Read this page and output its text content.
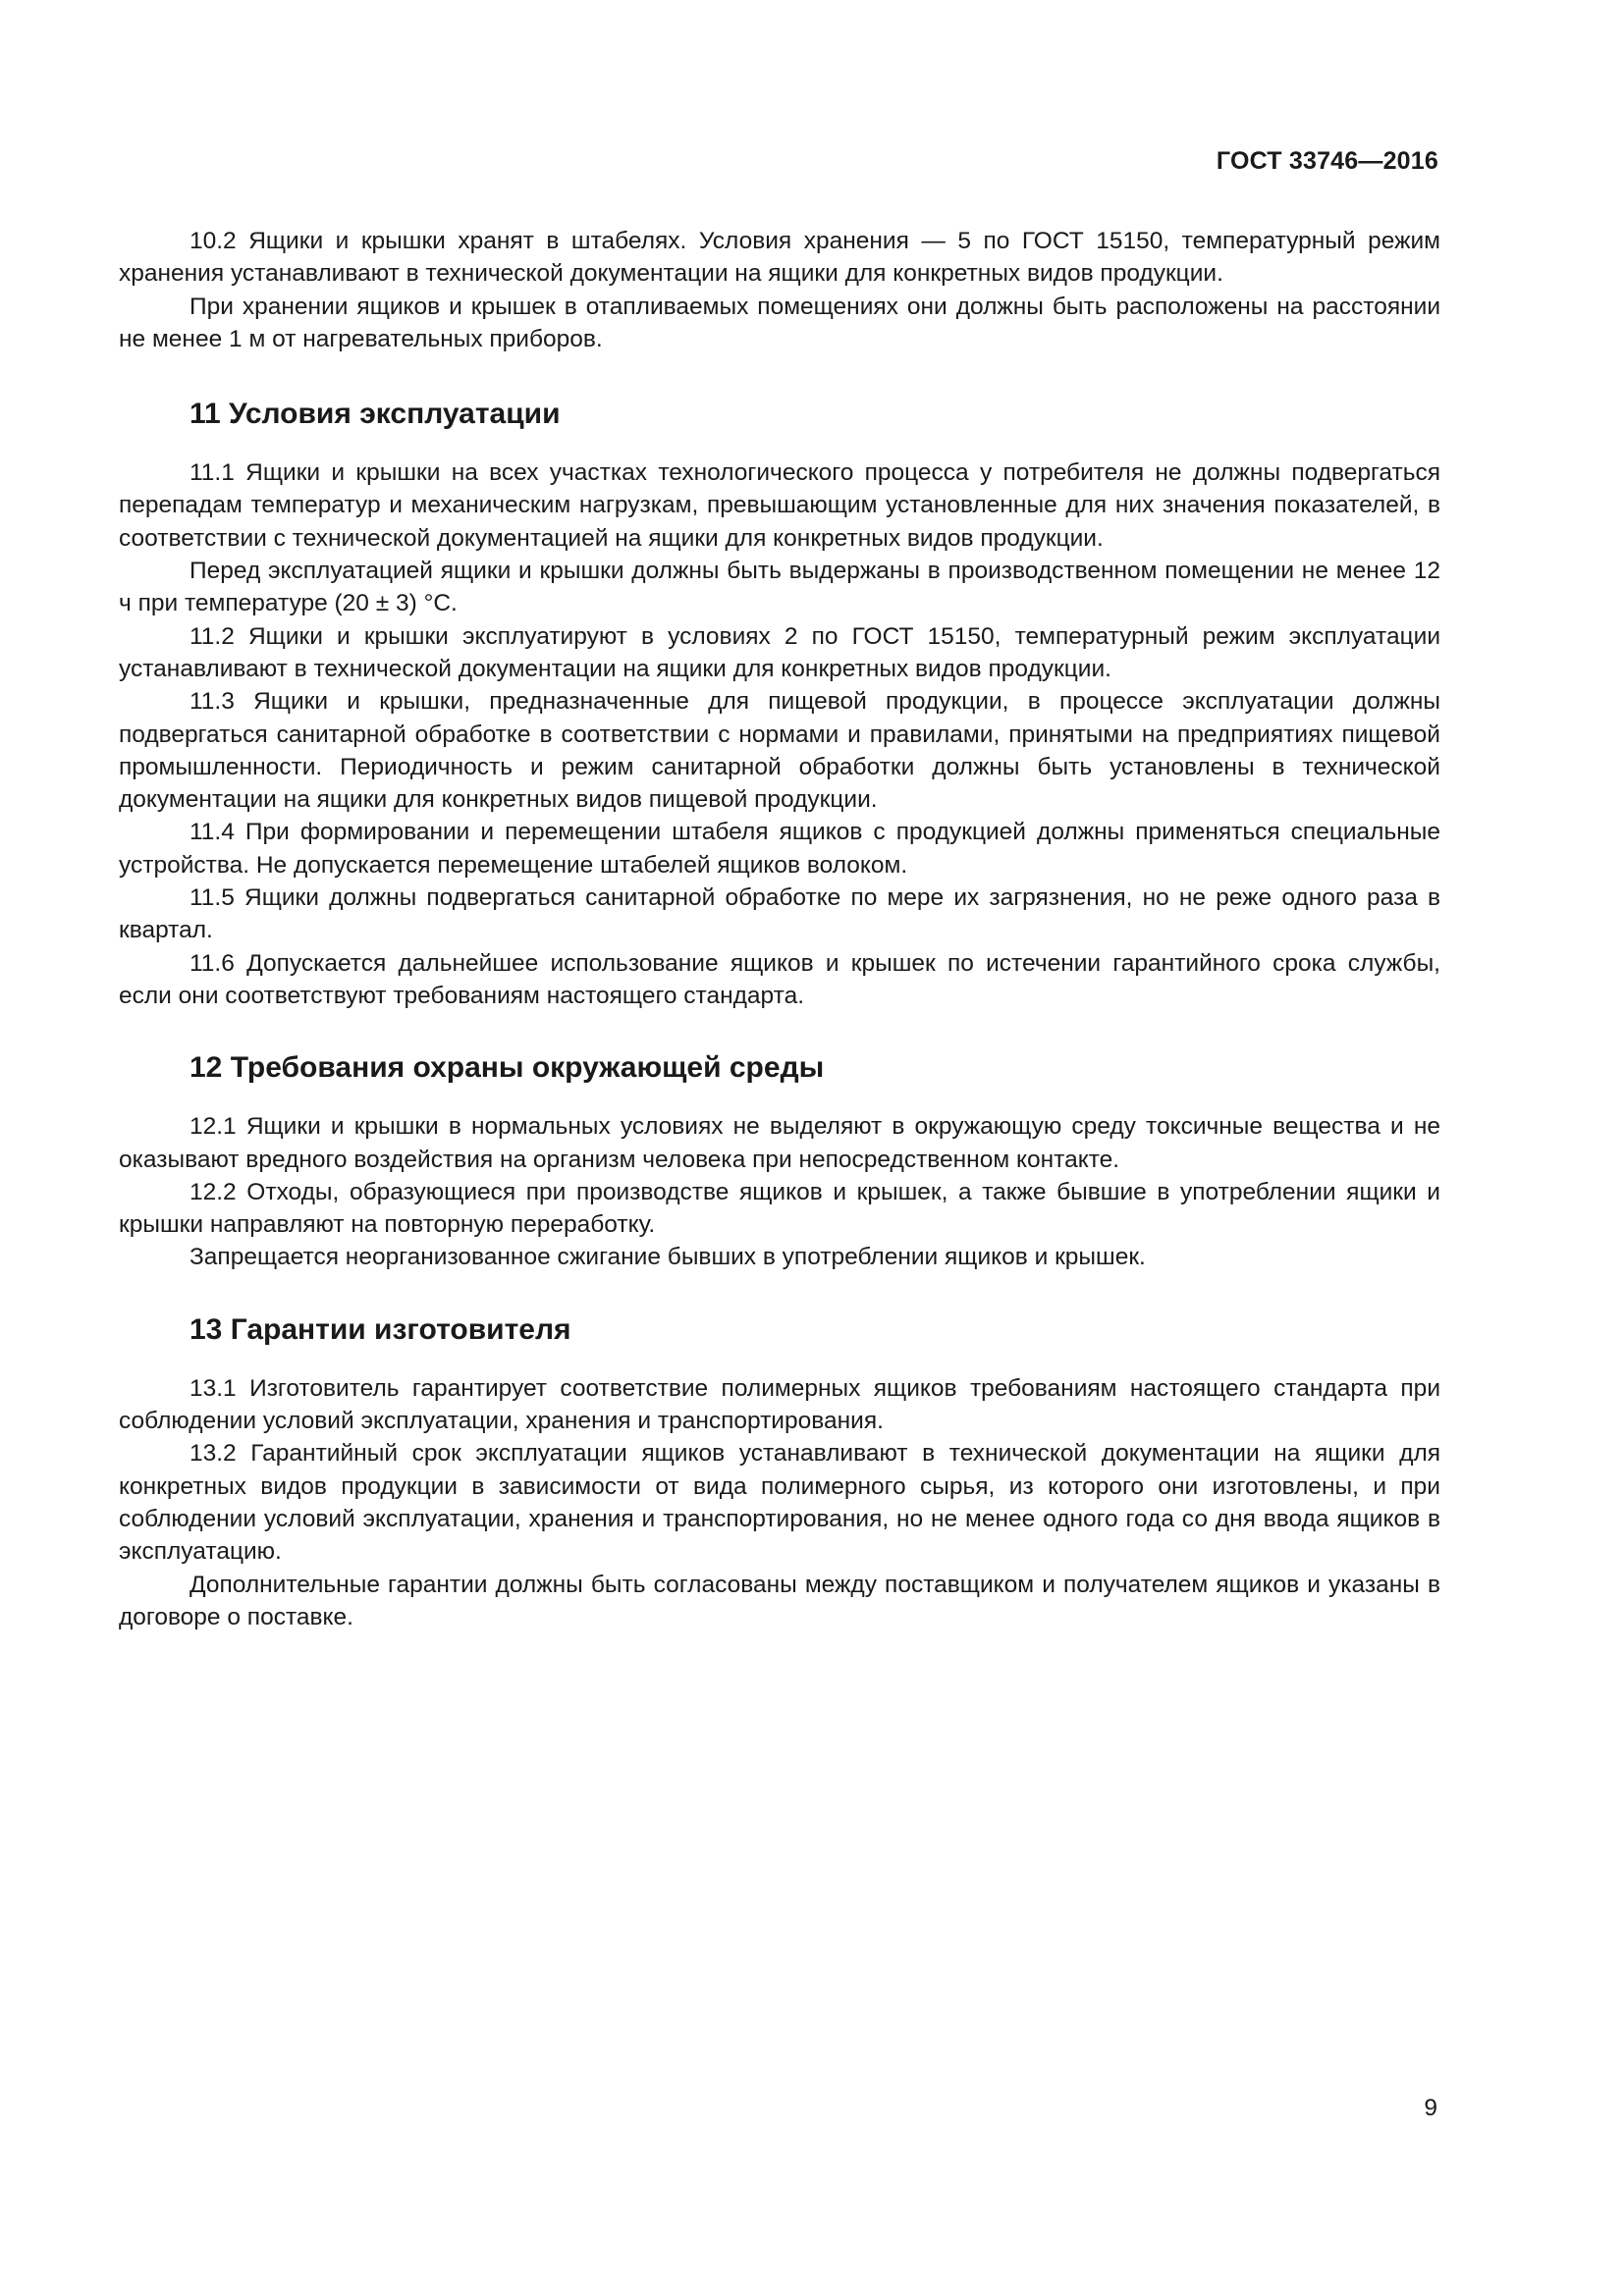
ГОСТ 33746—2016

10.2 Ящики и крышки хранят в штабелях. Условия хранения — 5 по ГОСТ 15150, температурный режим хранения устанавливают в технической документации на ящики для конкретных видов продукции.

При хранении ящиков и крышек в отапливаемых помещениях они должны быть расположены на расстоянии не менее 1 м от нагревательных приборов.

11 Условия эксплуатации

11.1 Ящики и крышки на всех участках технологического процесса у потребителя не должны подвергаться перепадам температур и механическим нагрузкам, превышающим установленные для них значения показателей, в соответствии с технической документацией на ящики для конкретных видов продукции.

Перед эксплуатацией ящики и крышки должны быть выдержаны в производственном помещении не менее 12 ч при температуре (20 ± 3) °С.

11.2 Ящики и крышки эксплуатируют в условиях 2 по ГОСТ 15150, температурный режим эксплуатации устанавливают в технической документации на ящики для конкретных видов продукции.

11.3 Ящики и крышки, предназначенные для пищевой продукции, в процессе эксплуатации должны подвергаться санитарной обработке в соответствии с нормами и правилами, принятыми на предприятиях пищевой промышленности. Периодичность и режим санитарной обработки должны быть установлены в технической документации на ящики для конкретных видов пищевой продукции.

11.4 При формировании и перемещении штабеля ящиков с продукцией должны применяться специальные устройства. Не допускается перемещение штабелей ящиков волоком.

11.5 Ящики должны подвергаться санитарной обработке по мере их загрязнения, но не реже одного раза в квартал.

11.6 Допускается дальнейшее использование ящиков и крышек по истечении гарантийного срока службы, если они соответствуют требованиям настоящего стандарта.

12 Требования охраны окружающей среды

12.1 Ящики и крышки в нормальных условиях не выделяют в окружающую среду токсичные вещества и не оказывают вредного воздействия на организм человека при непосредственном контакте.

12.2 Отходы, образующиеся при производстве ящиков и крышек, а также бывшие в употреблении ящики и крышки направляют на повторную переработку.

Запрещается неорганизованное сжигание бывших в употреблении ящиков и крышек.

13 Гарантии изготовителя

13.1 Изготовитель гарантирует соответствие полимерных ящиков требованиям настоящего стандарта при соблюдении условий эксплуатации, хранения и транспортирования.

13.2 Гарантийный срок эксплуатации ящиков устанавливают в технической документации на ящики для конкретных видов продукции в зависимости от вида полимерного сырья, из которого они изготовлены, и при соблюдении условий эксплуатации, хранения и транспортирования, но не менее одного года со дня ввода ящиков в эксплуатацию.

Дополнительные гарантии должны быть согласованы между поставщиком и получателем ящиков и указаны в договоре о поставке.

9
